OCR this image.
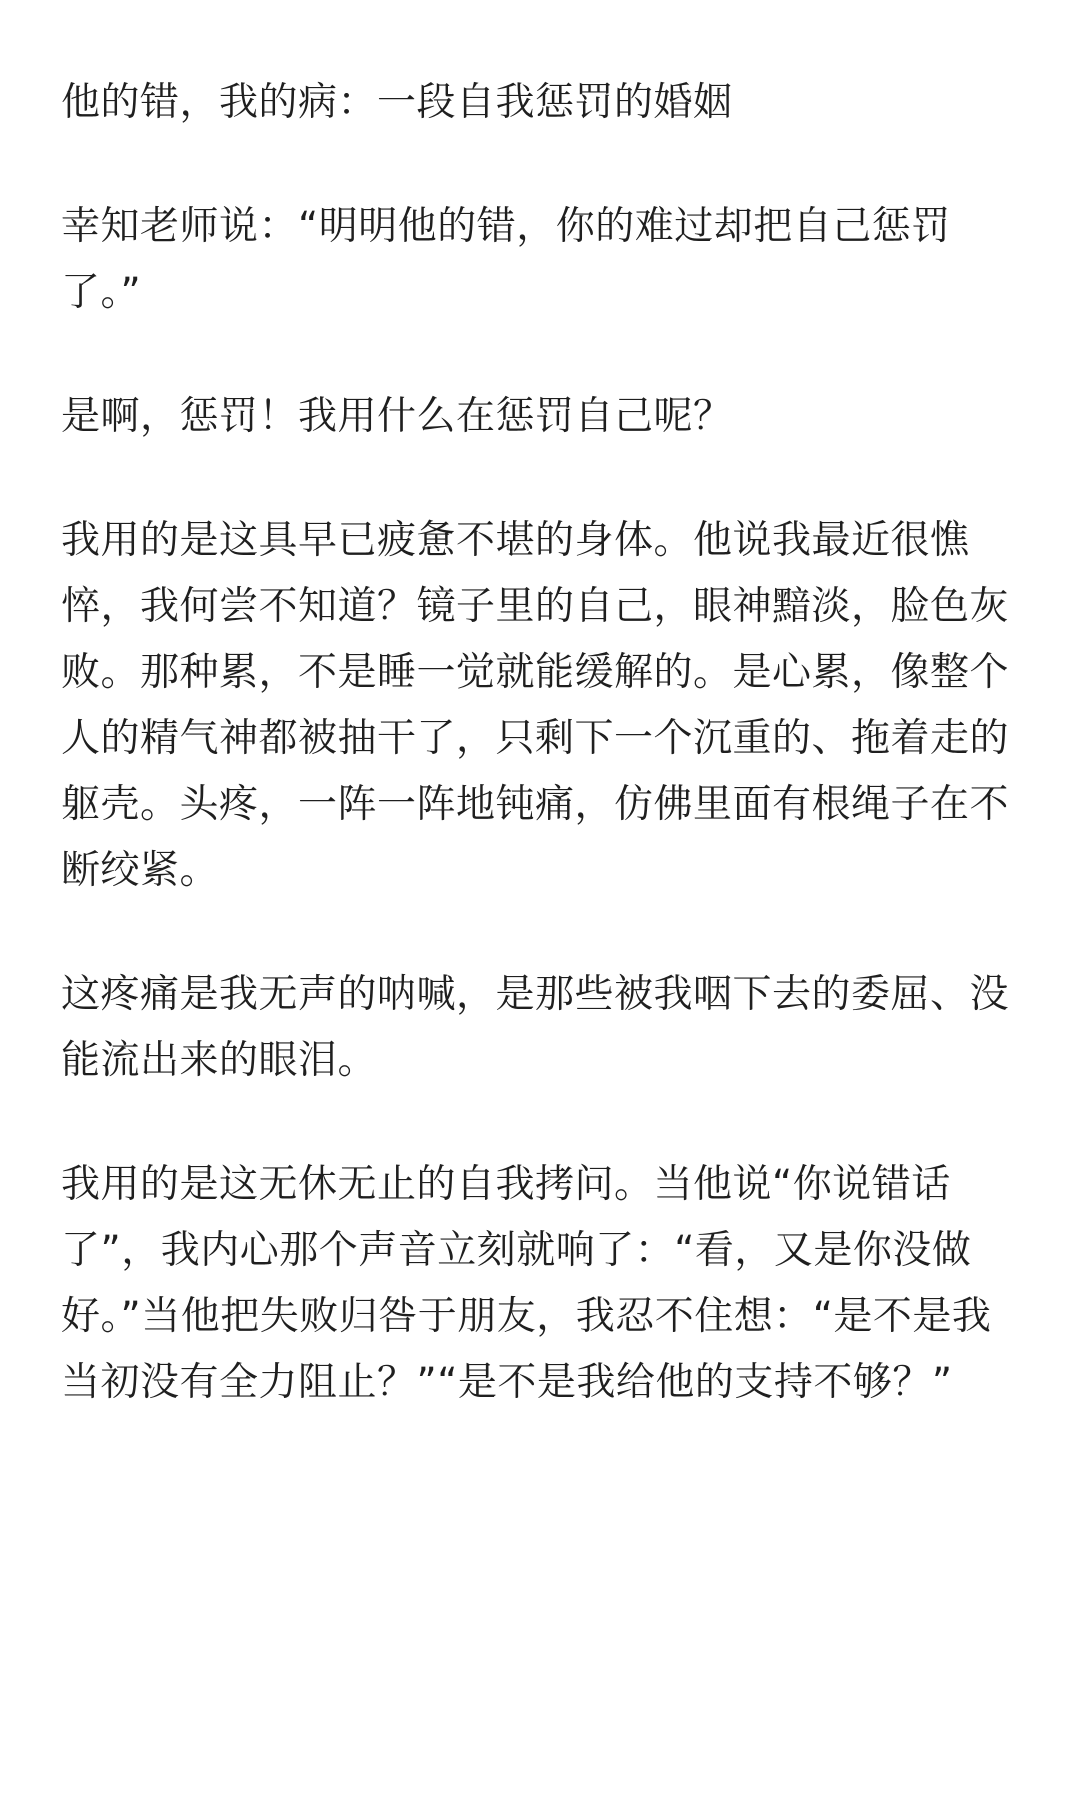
他的错，我的病：一段自我惩罚的婚姻

幸知老师说：“明明他的错，你的难过却把自己惩罚了。”

是啊，惩罚！我用什么在惩罚自己呢？

我用的是这具早已疲惫不堪的身体。他说我最近很憔悴，我何尝不知道？镜子里的自己，眼神黯淡，脸色灰败。那种累，不是睡一觉就能缓解的。是心累，像整个人的精气神都被抽干了，只剩下一个沉重的、拖着走的躯壳。头疼，一阵一阵地钝痛，仿佛里面有根绳子在不断绞紧。

这疼痛是我无声的呐喊，是那些被我咽下去的委屈、没能流出来的眼泪。

我用的是这无休无止的自我拷问。当他说“你说错话了”，我内心那个声音立刻就响了：“看，又是你没做好。”当他把失败归咎于朋友，我忍不住想：“是不是我当初没有全力阻止？”“是不是我给他的支持不够？”
